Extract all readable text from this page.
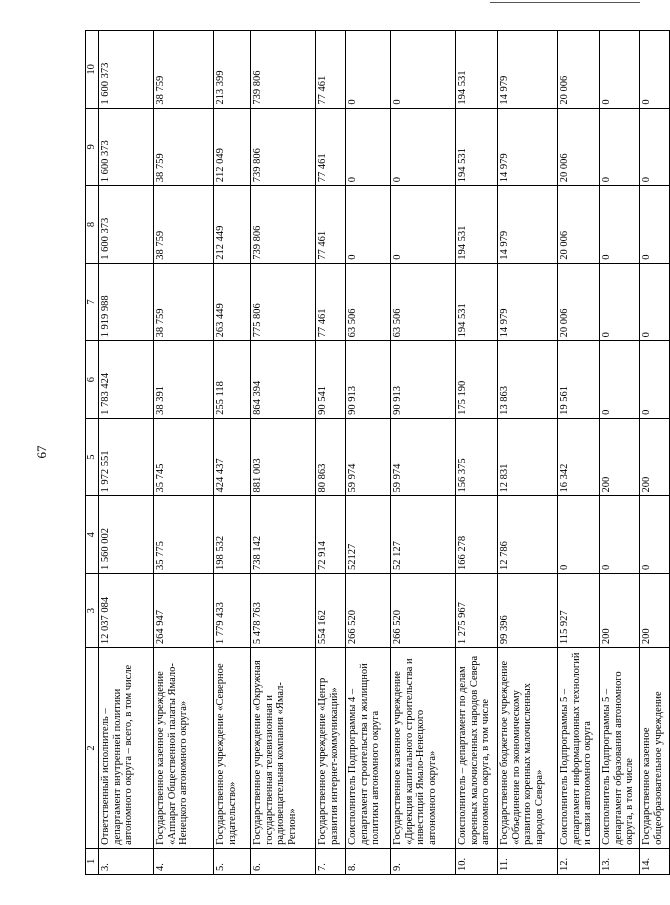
67
1	2	3	4	5	6	7	8	9	10
3.	Ответственный исполнитель – департамент внутренней политики автономного округа – всего, в том числе	12 037 084	1 560 002	1 972 551	1 783 424	1 919 988	1 600 373	1 600 373	1 600 373
4.	Государственное казенное учреждение «Аппарат Общественной палаты Ямало-Ненецкого автономного округа»	264 947	35 775	35 745	38 391	38 759	38 759	38 759	38 759
5.	Государственное учреждение «Северное издательство»	1 779 433	198 532	424 437	255 118	263 449	212 449	212 049	213 399
6.	Государственное учреждение «Окружная государственная телевизионная и радиовещательная компания «Ямал-Регион»	5 478 763	738 142	881 003	864 394	775 806	739 806	739 806	739 806
7.	Государственное учреждение «Центр развития интернет-коммуникаций»	554 162	72 914	80 863	90 541	77 461	77 461	77 461	77 461
8.	Соисполнитель Подпрограммы 4 – департамент строительства и жилищной политики автономного округа	266 520	52127	59 974	90 913	63 506	0	0	0
9.	Государственное казенное учреждение «Дирекция капитального строительства и инвестиций Ямало-Ненецкого автономного округа»	266 520	52 127	59 974	90 913	63 506	0	0	0
10.	Соисполнитель – департамент по делам коренных малочисленных народов Севера автономного округа, в том числе	1 275 967	166 278	156 375	175 190	194 531	194 531	194 531	194 531
11.	Государственное бюджетное учреждение «Объединение по экономическому развитию коренных малочисленных народов Севера»	99 396	12 786	12 831	13 863	14 979	14 979	14 979	14 979
12.	Соисполнитель Подпрограммы 5 – департамент информационных технологий и связи автономного округа	115 927	0	16 342	19 561	20 006	20 006	20 006	20 006
13.	Соисполнитель Подпрограммы 5 – департамент образования автономного округа, в том числе	200	0	200	0	0	0	0	0
14.	Государственное казенное общеобразовательное учреждение	200	0	200	0	0	0	0	0
